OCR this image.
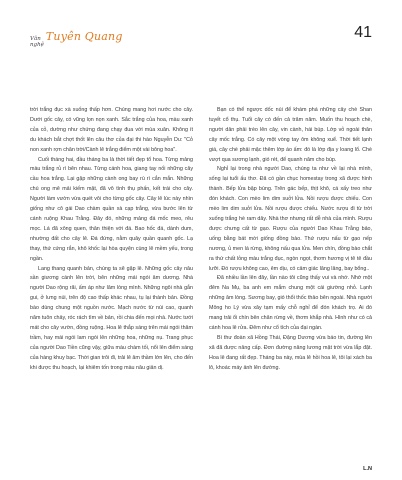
Văn
nghệ
Tuyên Quang	41

trời trắng đục xà xuống thấp hơn. Chúng mang hơi nước cho cây. Dưới gốc cây, có vũng lọn nọn xanh. Sắc trắng của hoa, màu xanh của cỏ, dường như chứng đang chạy đua với mùa xuân. Không ít du khách bắt chợt thốt lên câu thơ của đại thi hào Nguyễn Du: "Cỏ non xanh rợn chân trời/Cành lê trắng điểm một vài bông hoa".

Cuối tháng hai, đầu tháng ba là thời tiết đẹp tổ hoa. Từng mảng màu trắng rủ rì bên nhau. Từng cánh hoa, giang tay nối những cây cầu hoa trắng. Lại gặp những cành ong bay rù rì cắn mắn. Những chú ong mê mải kiếm mật, đã vô tình thụ phấn, kết trái cho cây. Người làm vườn vừa quét vôi cho từng gốc cây. Cây lê lúc này nhìn giống như cô gái Dao chàm quần xà cạp trắng, vừa bước lên từ cánh ruộng Khau Trằng. Đây đó, những mảng đá mốc meo, rêu mọc. Lá đã xông quen, thân thiện với đá. Bao hốc đá, dành dum, nhường đất cho cây lê. Đá đứng, nằm quây quần quanh gốc. Lạ thay, thứ cứng rắn, khô khốc lại hòa quyện cùng lê mềm yếu, trong ngần.

Lang thang quanh bản, chúng ta sẽ gặp lê. Những gốc cây nâu sần giương cánh lên trời, bên những mái ngói âm dương. Nhà người Dao rộng rãi, ấm áp như lâm lòng mình. Những ngôi nhà gắn gui, ở lưng núi, trên độ cao thấp khác nhau, tụ lại thành bản. Đồng bào dùng chung một nguồn nước. Mạch nước từ núi cao, quanh năm tuôn chảy, róc rách tìm về bản, rồi chia đến mọi nhà. Nước tưới mát cho cây vườn, đồng ruộng. Hoa lê thắp sáng trên mái ngói thâm trầm, hay mái ngói lam ngói lên những hoa, những nụ. Trang phục của người Dao Tiền cũng vậy, giữa màu chàm tối, nổi lên điểm sáng của hàng khuy bạc. Thời gian trôi đi, trải lê âm thầm lớn lên, cho đến khi được thu hoạch, lại khiêm tốn trong màu nâu giản dị.

Bạn có thể ngược dốc núi để khám phá những cây chè Shan tuyết cổ thụ. Tuổi cây có đến cả trăm năm. Muốn thu hoạch chè, người dân phải trèo lên cây, vin cành, hái búp. Lớp vỏ ngoài thân cây mốc trắng. Có cây một vòng tay ôm không xuể. Thời tiết lạnh giá, cây chè phải mặc thêm lớp áo ấm: đó là lớp địa y loang lổ. Chè vượt qua sương lạnh, gió rét, để quanh năm cho búp.

Nghỉ lại trong nhà người Dao, chúng ta như về lại nhà mình, sống lại tuổi ấu thơ. Đã có gần chục homestay trong xã được hình thành. Bếp lửa bập bùng. Trên gác bếp, thịt khô, cá xấy treo như đón khách. Con mèo lim dim suởi lửa. Nồi rượu được chiếu. Con mèo lim dim suởi lửa. Nồi rượu được chiếu. Nước rượu đi từ trời xuống trắng hè ram dây. Nhà thơ nhưng rất dễ nhà của mình. Rượu được chưng cất từ gạo. Rượu của người Dao Khau Trằng bảo, uống bằng bát mời giống đồng bào. Thứ rượu nấu từ gạo nếp nương, ủ men lá rừng, không nấu qua lửa. Men chín, đồng bào chắt ra thứ chất lỏng màu trắng đục, ngòn ngọt, thơm hương vị tê tê đầu lưỡi. Đó rượu không cao, êm dịu, có cảm giác lâng lâng, bay bổng..

Đã nhiều lần lên đây, lần nào tôi cũng thấy vui và nhớ. Nhớ một đêm Na Mụ, ba anh em mắm chung một cái giường nhỏ. Lạnh những âm lòng. Sương bay, gió thổi thốc thảo bên ngoài. Nhà người Mông ho Lý vừa xây tạm mấy chỗ nghỉ để đón khách trọ. Ai đó mang trải ổi chín bên chăn rừng về, thơm khắp nhà. Hình như có cả cánh hoa lê rửa. Đêm như cổ tích của đại ngàn.

Bì thư đoàn xã Hồng Thái, Đặng Dương vừa báo tin, đường lên xã đã được nâng cấp. Đơn đường nâng lương mặt trời vừa lắp đặt. Hoa lê đang rất đẹp. Tháng ba này, mùa lê hồi hoa lê, tôi lại xách ba lô, khoác máy ảnh lên đường.

L.N
